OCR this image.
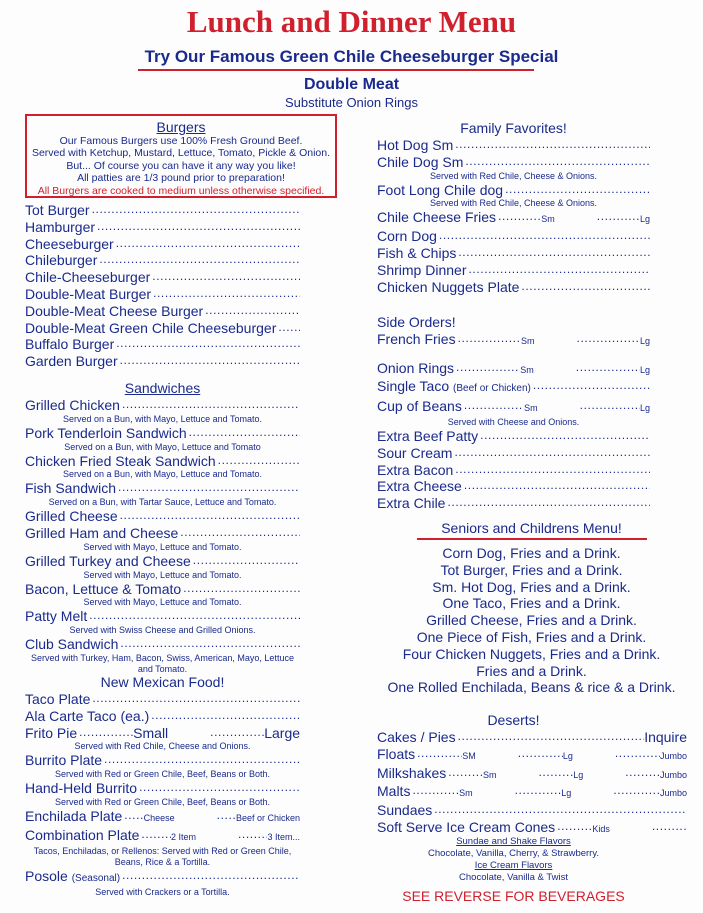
Lunch and Dinner Menu
Try Our Famous Green Chile Cheeseburger Special
Double Meat
Substitute Onion Rings
Burgers
Our Famous Burgers use 100% Fresh Ground Beef.
Served with Ketchup, Mustard, Lettuce, Tomato, Pickle & Onion.
But... Of course you can have it any way you like!
All patties are 1/3 pound prior to preparation!
All Burgers are cooked to medium unless otherwise specified.
Tot Burger
.....
Hamburger
.....
Cheeseburger
.....
Chileburger
.....
Chile-Cheeseburger
.....
Double-Meat Burger
.....
Double-Meat Cheese Burger
.....
Double-Meat Green Chile Cheeseburger
.....
Buffalo Burger
.....
Garden Burger
.....
Sandwiches
Grilled Chicken
.....
Served on a Bun, with Mayo, Lettuce and Tomato.
Pork Tenderloin Sandwich
.....
Served on a Bun, with Mayo, Lettuce and Tomato
Chicken Fried Steak Sandwich
.....
Served on a Bun, with Mayo, Lettuce and Tomato.
Fish Sandwich
.....
Served on a Bun, with Tartar Sauce, Lettuce and Tomato.
Grilled Cheese
.....
Grilled Ham and Cheese
.....
Served with Mayo, Lettuce and Tomato.
Grilled Turkey and Cheese
.....
Served with Mayo, Lettuce and Tomato.
Bacon, Lettuce & Tomato
.....
Served with Mayo, Lettuce and Tomato.
Patty Melt
.....
Served with Swiss Cheese and Grilled Onions.
Club Sandwich
.....
Served with Turkey, Ham, Bacon, Swiss, American, Mayo, Lettuce and Tomato.
New Mexican Food!
Taco Plate
.....
Ala Carte Taco (ea.)
.....
Frito Pie .....	Small .....	Large
Served with Red Chile, Cheese and Onions.
Burrito Plate
.....
Served with Red or Green Chile, Beef, Beans or Both.
Hand-Held Burrito
.....
Served with Red or Green Chile, Beef, Beans or Both.
Enchilada Plate ..... Cheese .....	Beef or Chicken
Combination Plate .....	2 Item .....	3 Item...
Tacos, Enchiladas, or Rellenos: Served with Red or Green Chile, Beans, Rice & a Tortilla.
Posole (Seasonal)
.....
Served with Crackers or a Tortilla.
Family Favorites!
Hot Dog Sm
.....
Chile Dog Sm
.....
Served with Red Chile, Cheese & Onions.
Foot Long Chile dog
.....
Served with Red Chile, Cheese & Onions.
Chile Cheese Fries .....	Sm .....	Lg
Corn Dog
.....
Fish & Chips
.....
Shrimp Dinner
.....
Chicken Nuggets Plate
.....
Side Orders!
French Fries .....	Sm .....	Lg
Onion Rings .....	Sm .....	Lg
Single Taco (Beef or Chicken)
.....
Cup of Beans .....	Sm .....	Lg
Served with Cheese and Onions.
Extra Beef Patty
.....
Sour Cream
.....
Extra Bacon
.....
Extra Cheese
.....
Extra Chile
.....
Seniors and Childrens Menu!
Corn Dog, Fries and a Drink.
Tot Burger, Fries and a Drink.
Sm. Hot Dog, Fries and a Drink.
One Taco, Fries and a Drink.
Grilled Cheese, Fries and a Drink.
One Piece of Fish, Fries and a Drink.
Four Chicken Nuggets, Fries and a Drink.
Fries and a Drink.
One Rolled Enchilada, Beans & rice & a Drink.
Deserts!
Cakes / Pies .....	Inquire
Floats .....	SM .....	Lg .....	Jumbo
Milkshakes .....	Sm .....	Lg .....	Jumbo
Malts .....	Sm .....	Lg .....	Jumbo
Sundaes
.....
Soft Serve Ice Cream Cones .....	Kids
.....
Sundae and Shake Flavors
Chocolate, Vanilla, Cherry, & Strawberry.
Ice Cream Flavors
Chocolate, Vanilla & Twist
SEE REVERSE FOR BEVERAGES
